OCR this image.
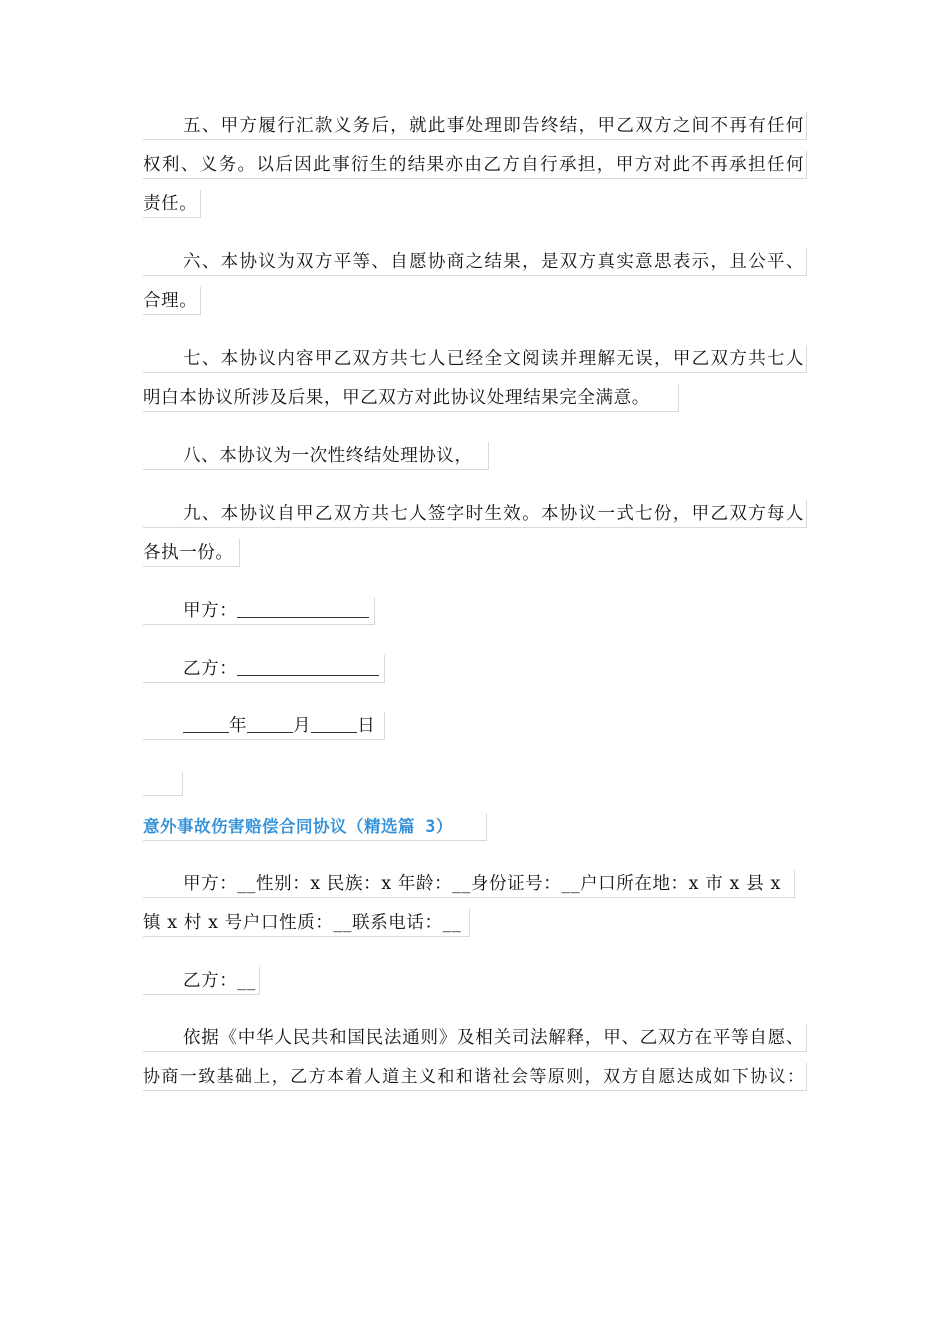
五、甲方履行汇款义务后，就此事处理即告终结，甲乙双方之间不再有任何
权利、义务。以后因此事衍生的结果亦由乙方自行承担，甲方对此不再承担任何
责任。
六、本协议为双方平等、自愿协商之结果，是双方真实意思表示，且公平、
合理。
七、本协议内容甲乙双方共七人已经全文阅读并理解无误，甲乙双方共七人
明白本协议所涉及后果，甲乙双方对此协议处理结果完全满意。
八、本协议为一次性终结处理协议，
九、本协议自甲乙双方共七人签字时生效。本协议一式七份，甲乙双方每人
各执一份。
甲方：
乙方：
年	月	日
意外事故伤害赔偿合同协议（精选篇 3）
甲方：__性别：x 民族：x 年龄：__身份证号：__户口所在地：x 市 x 县 x
镇 x 村 x 号户口性质：__联系电话：__
乙方：__
依据《中华人民共和国民法通则》及相关司法解释，甲、乙双方在平等自愿、
协商一致基础上，乙方本着人道主义和和谐社会等原则，双方自愿达成如下协议：
